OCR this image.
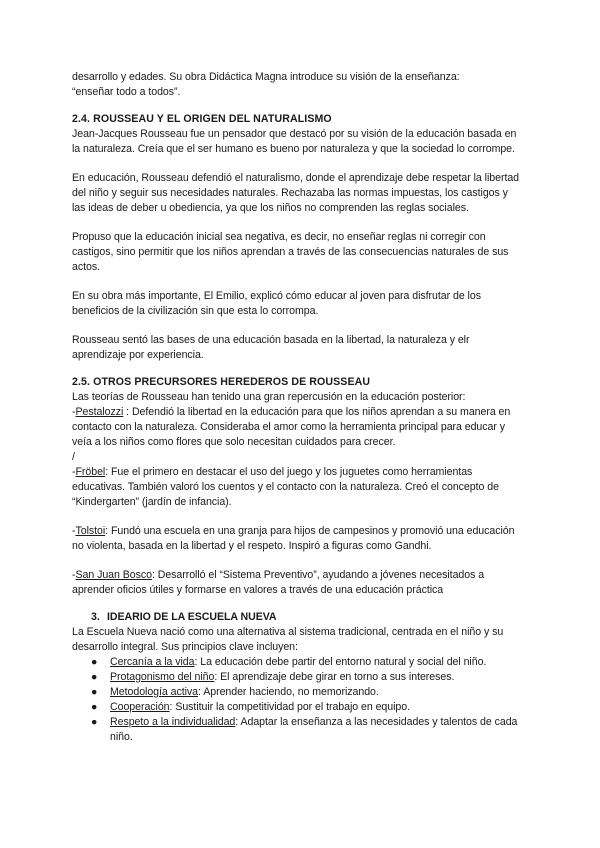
desarrollo y edades. Su obra Didáctica Magna introduce su visión de la enseñanza:

“enseñar todo a todos”.

2.4. ROUSSEAU Y EL ORIGEN DEL NATURALISMO

Jean-Jacques Rousseau fue un pensador que destacó por su visión de la educación basada en la naturaleza. Creía que el ser humano es bueno por naturaleza y que la sociedad lo corrompe.

En educación, Rousseau defendió el naturalismo, donde el aprendizaje debe respetar la libertad del niño y seguir sus necesidades naturales. Rechazaba las normas impuestas, los castigos y las ideas de deber u obediencia, ya que los niños no comprenden las reglas sociales.

Propuso que la educación inicial sea negativa, es decir, no enseñar reglas ni corregir con castigos, sino permitir que los niños aprendan a través de las consecuencias naturales de sus actos.

En su obra más importante, El Emilio, explicó cómo educar al joven para disfrutar de los beneficios de la civilización sin que esta lo corrompa.

Rousseau sentó las bases de una educación basada en la libertad, la naturaleza y elr aprendizaje por experiencia.

2.5. OTROS PRECURSORES HEREDEROS DE ROUSSEAU

Las teorías de Rousseau han tenido una gran repercusión en la educación posterior:

-Pestalozzi : Defendió la libertad en la educación para que los niños aprendan a su manera en contacto con la naturaleza. Consideraba el amor como la herramienta principal para educar y veía a los niños como flores que solo necesitan cuidados para crecer.

/

-Fröbel: Fue el primero en destacar el uso del juego y los juguetes como herramientas educativas. También valoró los cuentos y el contacto con la naturaleza. Creó el concepto de “Kindergarten” (jardín de infancia).

-Tolstoi: Fundó una escuela en una granja para hijos de campesinos y promovió una educación no violenta, basada en la libertad y el respeto. Inspiró a figuras como Gandhi.

-San Juan Bosco: Desarrolló el “Sistema Preventivo”, ayudando a jóvenes necesitados a aprender oficios útiles y formarse en valores a través de una educación práctica

3. IDEARIO DE LA ESCUELA NUEVA

La Escuela Nueva nació como una alternativa al sistema tradicional, centrada en el niño y su desarrollo integral. Sus principios clave incluyen:

● Cercanía a la vida: La educación debe partir del entorno natural y social del niño.
● Protagonismo del niño: El aprendizaje debe girar en torno a sus intereses.
● Metodología activa: Aprender haciendo, no memorizando.
● Cooperación: Sustituir la competitividad por el trabajo en equipo.
● Respeto a la individualidad: Adaptar la enseñanza a las necesidades y talentos de cada niño.
